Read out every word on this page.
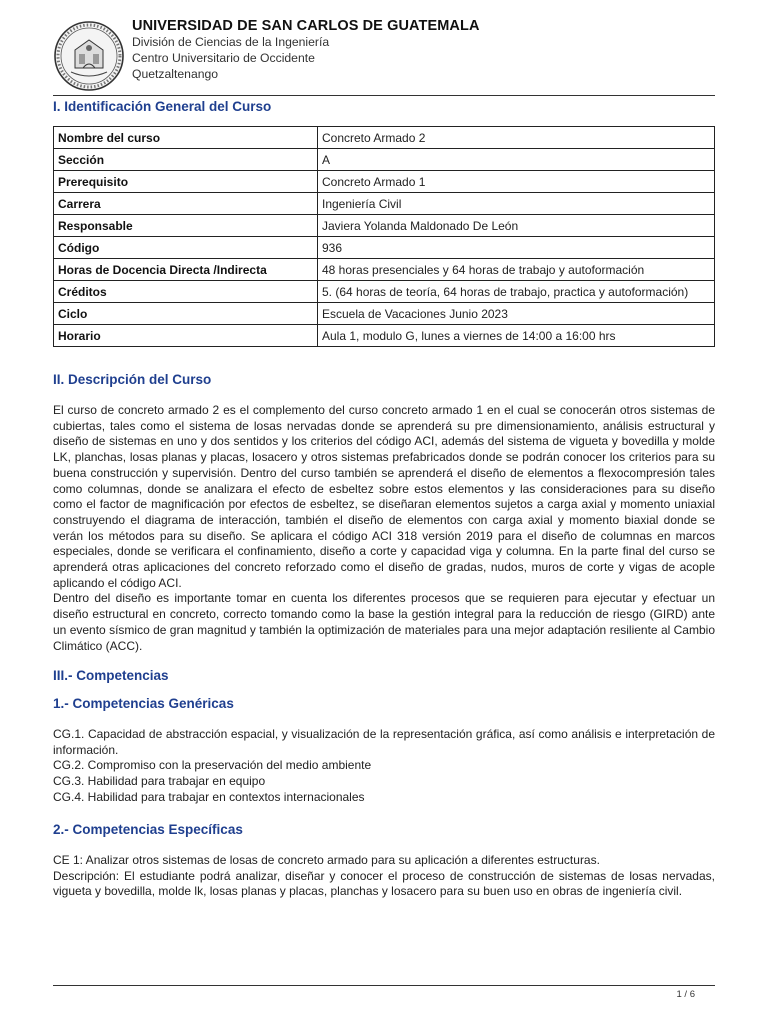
UNIVERSIDAD DE SAN CARLOS DE GUATEMALA
División de Ciencias de la Ingeniería
Centro Universitario de Occidente
Quetzaltenango
I. Identificación General del Curso
Nombre del curso	Concreto Armado 2
Sección	A
Prerequisito	Concreto Armado 1
Carrera	Ingeniería Civil
Responsable	Javiera Yolanda Maldonado De León
Código	936
Horas de Docencia Directa /Indirecta	48 horas presenciales y 64 horas de trabajo y autoformación
Créditos	5. (64 horas de teoría, 64 horas de trabajo, practica y autoformación)
Ciclo	Escuela de Vacaciones Junio 2023
Horario	Aula 1, modulo G, lunes a viernes de 14:00 a 16:00 hrs
II. Descripción del Curso
El curso de concreto armado 2 es el complemento del curso concreto armado 1 en el cual se conocerán otros sistemas de cubiertas, tales como el sistema de losas nervadas donde se aprenderá su pre dimensionamiento, análisis estructural y diseño de sistemas en uno y dos sentidos y los criterios del código ACI, además del sistema de vigueta y bovedilla y molde LK, planchas, losas planas y placas, losacero y otros sistemas prefabricados donde se podrán conocer los criterios para su buena construcción y supervisión. Dentro del curso también se aprenderá el diseño de elementos a flexocompresión tales como columnas, donde se analizara el efecto de esbeltez sobre estos elementos y las consideraciones para su diseño como el factor de magnificación por efectos de esbeltez, se diseñaran elementos sujetos a carga axial y momento uniaxial construyendo el diagrama de interacción, también el diseño de elementos con carga axial y momento biaxial donde se verán los métodos para su diseño. Se aplicara el código ACI 318 versión 2019 para el diseño de columnas en marcos especiales, donde se verificara el confinamiento, diseño a corte y capacidad viga y columna. En la parte final del curso se aprenderá otras aplicaciones del concreto reforzado como el diseño de gradas, nudos, muros de corte y vigas de acople aplicando el código ACI.
Dentro del diseño es importante tomar en cuenta los diferentes procesos que se requieren para ejecutar y efectuar un diseño estructural en concreto, correcto tomando como la base la gestión integral para la reducción de riesgo (GIRD) ante un evento sísmico de gran magnitud y también la optimización de materiales para una mejor adaptación resiliente al Cambio Climático (ACC).
III.- Competencias
1.- Competencias Genéricas
CG.1. Capacidad de abstracción espacial, y visualización de la representación gráfica, así como análisis e interpretación de información.
CG.2. Compromiso con la preservación del medio ambiente
CG.3. Habilidad para trabajar en equipo
CG.4. Habilidad para trabajar en contextos internacionales
2.- Competencias Específicas
CE 1: Analizar otros sistemas de losas de concreto armado para su aplicación a diferentes estructuras.
Descripción: El estudiante podrá analizar, diseñar y conocer el proceso de construcción de sistemas de losas nervadas, vigueta y bovedilla, molde lk, losas planas y placas, planchas y losacero para su buen uso en obras de ingeniería civil.
1 / 6
